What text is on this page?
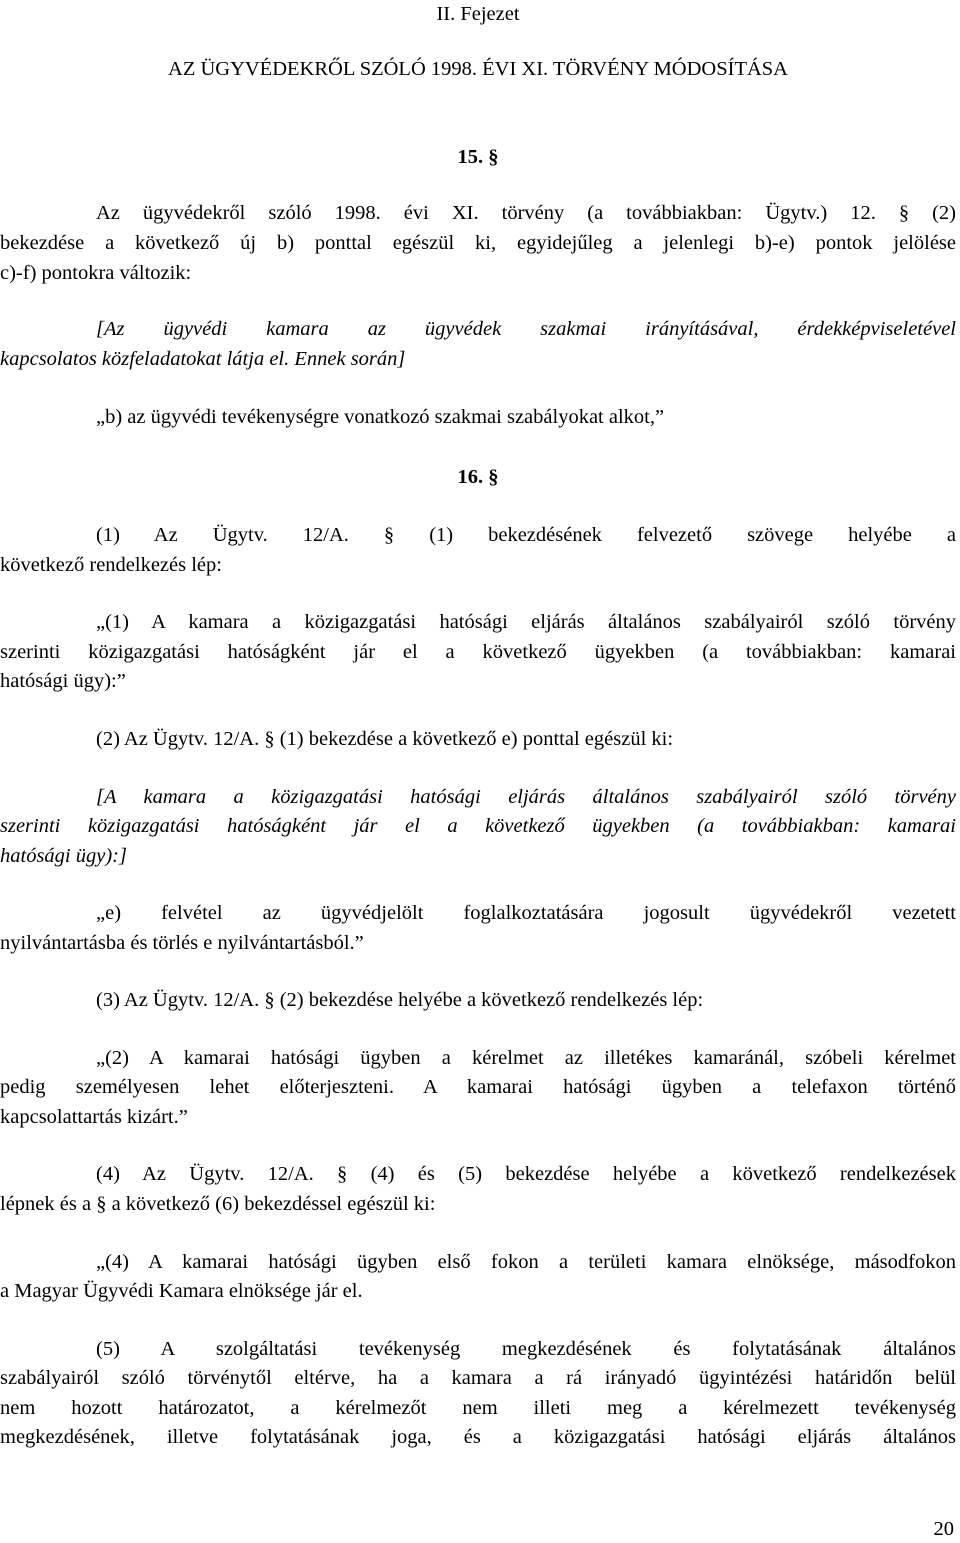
II. Fejezet

AZ ÜGYVÉDEKRŐL SZÓLÓ 1998. ÉVI XI. TÖRVÉNY MÓDOSÍTÁSA

15. §

Az ügyvédekről szóló 1998. évi XI. törvény (a továbbiakban: Ügytv.) 12. § (2)

bekezdése a következő új b) ponttal egészül ki, egyidejűleg a jelenlegi b)-e) pontok jelölése

c)-f) pontokra változik:

[Az ügyvédi kamara az ügyvédek szakmai irányításával, érdekképviseletével

kapcsolatos közfeladatokat látja el. Ennek során]

„b) az ügyvédi tevékenységre vonatkozó szakmai szabályokat alkot,”

16. §

(1) Az Ügytv. 12/A. § (1) bekezdésének felvezető szövege helyébe a

következő rendelkezés lép:

„(1) A kamara a közigazgatási hatósági eljárás általános szabályairól szóló törvény

szerinti közigazgatási hatóságként jár el a következő ügyekben (a továbbiakban: kamarai

hatósági ügy):”

(2) Az Ügytv. 12/A. § (1) bekezdése a következő e) ponttal egészül ki:

[A kamara a közigazgatási hatósági eljárás általános szabályairól szóló törvény

szerinti közigazgatási hatóságként jár el a következő ügyekben (a továbbiakban: kamarai

hatósági ügy):]

„e) felvétel az ügyvédjelölt foglalkoztatására jogosult ügyvédekről vezetett

nyilvántartásba és törlés e nyilvántartásból.”

(3) Az Ügytv. 12/A. § (2) bekezdése helyébe a következő rendelkezés lép:

„(2) A kamarai hatósági ügyben a kérelmet az illetékes kamaránál, szóbeli kérelmet

pedig személyesen lehet előterjeszteni. A kamarai hatósági ügyben a telefaxon történő

kapcsolattartás kizárt.”

(4) Az Ügytv. 12/A. § (4) és (5) bekezdése helyébe a következő rendelkezések

lépnek és a § a következő (6) bekezdéssel egészül ki:

„(4) A kamarai hatósági ügyben első fokon a területi kamara elnöksége, másodfokon

a Magyar Ügyvédi Kamara elnöksége jár el.

(5) A szolgáltatási tevékenység megkezdésének és folytatásának általános

szabályairól szóló törvénytől eltérve, ha a kamara a rá irányadó ügyintézési határidőn belül

nem hozott határozatot, a kérelmezőt nem illeti meg a kérelmezett tevékenység

megkezdésének, illetve folytatásának joga, és a közigazgatási hatósági eljárás általános

20
